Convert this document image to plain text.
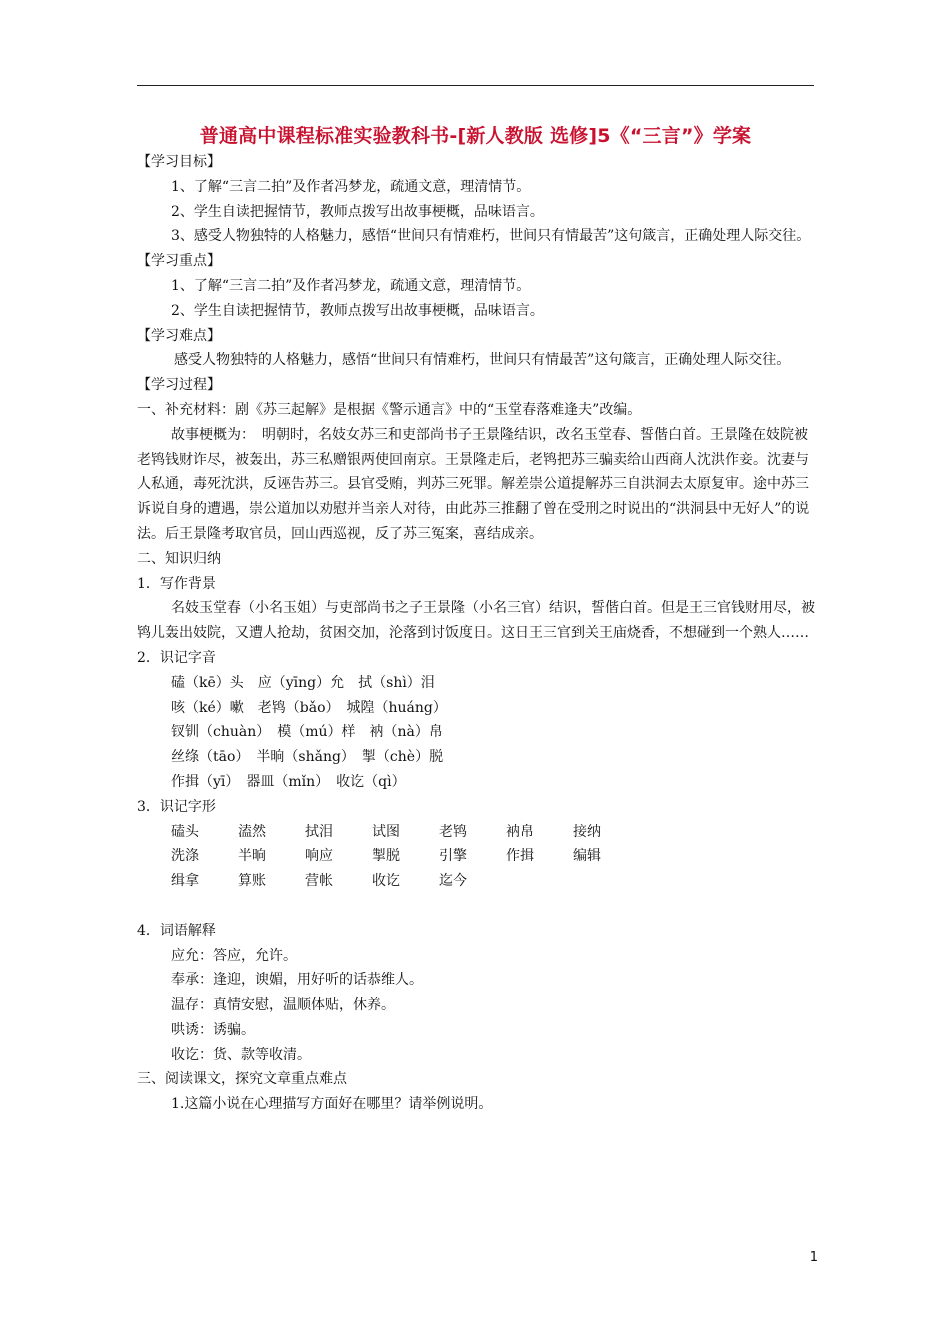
普通高中课程标准实验教科书-[新人教版 选修]5《“三言”》学案

【学习目标】

1、了解“三言二拍”及作者冯梦龙，疏通文意，理清情节。

2、学生自读把握情节，教师点拨写出故事梗概，品味语言。

3、感受人物独特的人格魅力，感悟“世间只有情难朽，世间只有情最苦”这句箴言，正确处理人际交往。

【学习重点】

1、了解“三言二拍”及作者冯梦龙，疏通文意，理清情节。

2、学生自读把握情节，教师点拨写出故事梗概，品味语言。

【学习难点】

感受人物独特的人格魅力，感悟“世间只有情难朽，世间只有情最苦”这句箴言，正确处理人际交往。

【学习过程】

一、补充材料：剧《苏三起解》是根据《警示通言》中的“玉堂春落难逢夫”改编。

故事梗概为：　明朝时，名妓女苏三和吏部尚书子王景隆结识，改名玉堂春、誓偕白首。王景隆在妓院被老鸨钱财诈尽，被轰出，苏三私赠银两使回南京。王景隆走后，老鸨把苏三骗卖给山西商人沈洪作妾。沈妻与人私通，毒死沈洪，反诬告苏三。县官受贿，判苏三死罪。解差崇公道提解苏三自洪洞去太原复审。途中苏三诉说自身的遭遇，崇公道加以劝慰并当亲人对待，由此苏三推翻了曾在受刑之时说出的“洪洞县中无好人”的说法。后王景隆考取官员，回山西巡视，反了苏三冤案，喜结成亲。

二、知识归纳

1．写作背景

名妓玉堂春（小名玉姐）与吏部尚书之子王景隆（小名三官）结识，誓偕白首。但是王三官钱财用尽，被鸨儿轰出妓院，又遭人抢劫，贫困交加，沦落到讨饭度日。这日王三官到关王庙烧香，不想碰到一个熟人……

2．识记字音

磕（kē）头　应（yīng）允　拭（shì）泪

咳（ké）嗽　老鸨（bǎo）　城隍（huáng）

钗钏（chuàn）　模（mú）样　衲（nà）帛

丝绦（tāo）　半晌（shǎng）　掣（chè）脱

作揖（yī）　器皿（mǐn）　收讫（qì）

3．识记字形

磕头	溘然	拭泪	试图	老鸨	衲帛	接纳
洗涤	半晌	响应	掣脱	引擎	作揖	编辑
缉拿	算账	营帐	收讫	迄今

4．词语解释

应允：答应，允许。

奉承：逢迎，谀媚，用好听的话恭维人。

温存：真情安慰，温顺体贴，休养。

哄诱：诱骗。

收讫：货、款等收清。

三、阅读课文，探究文章重点难点

1.这篇小说在心理描写方面好在哪里？请举例说明。

1
